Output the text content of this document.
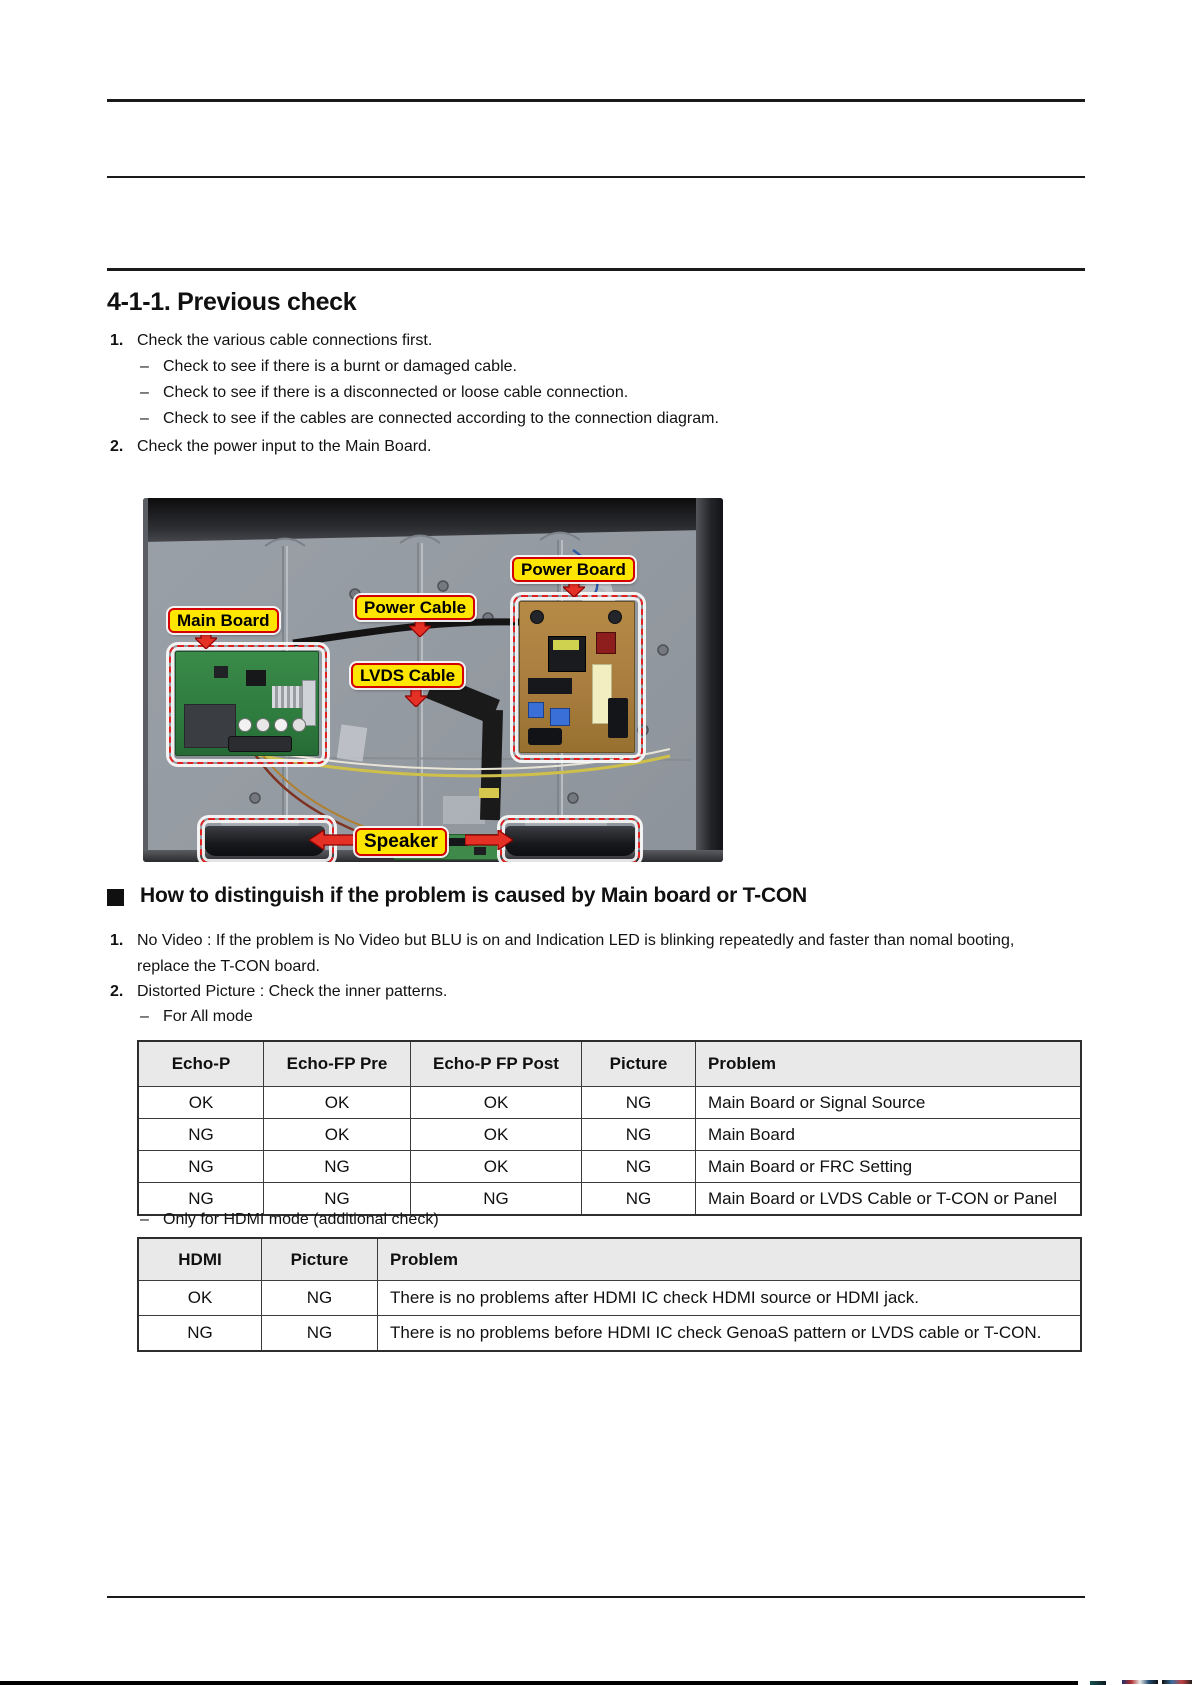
4-1-1. Previous check
1. Check the various cable connections first.
– Check to see if there is a burnt or damaged cable.
– Check to see if there is a disconnected or loose cable connection.
– Check to see if the cables are connected according to the connection diagram.
2. Check the power input to the Main Board.
Main Board
Power Cable
LVDS Cable
Power Board
Speaker
How to distinguish if the problem is caused by Main board or T-CON
1. No Video : If the problem is No Video but BLU is on and Indication LED is blinking repeatedly and faster than nomal booting, replace the T-CON board.
2. Distorted Picture : Check the inner patterns.
– For All mode
Echo-P	Echo-FP Pre	Echo-P FP Post	Picture	Problem
OK	OK	OK	NG	Main Board or Signal Source
NG	OK	OK	NG	Main Board
NG	NG	OK	NG	Main Board or FRC Setting
NG	NG	NG	NG	Main Board or LVDS Cable or T-CON or Panel
– Only for HDMI mode (additional check)
HDMI	Picture	Problem
OK	NG	There is no problems after HDMI IC check HDMI source or HDMI jack.
NG	NG	There is no problems before HDMI IC check GenoaS pattern or LVDS cable or T-CON.
